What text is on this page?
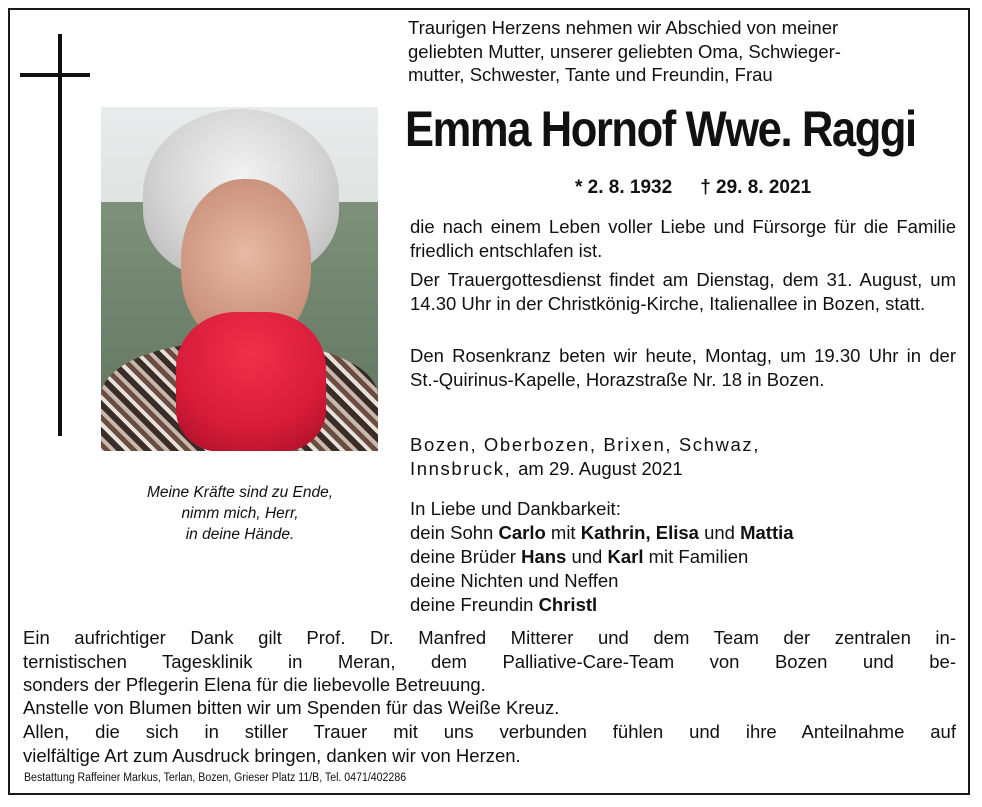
Meine Kräfte sind zu Ende,
nimm mich, Herr,
in deine Hände.

Traurigen Herzens nehmen wir Abschied von meiner
geliebten Mutter, unserer geliebten Oma, Schwieger-
mutter, Schwester, Tante und Freundin, Frau

Emma Hornof Wwe. Raggi

* 2. 8. 1932 † 29. 8. 2021

die nach einem Leben voller Liebe und Fürsorge für die Familie friedlich entschlafen ist.

Der Trauergottesdienst findet am Dienstag, dem 31. August, um 14.30 Uhr in der Christkönig-Kirche, Italienallee in Bozen, statt.

Den Rosenkranz beten wir heute, Montag, um 19.30 Uhr in der St.-Quirinus-Kapelle, Horazstraße Nr. 18 in Bozen.

Bozen, Oberbozen, Brixen, Schwaz,
Innsbruck, am 29. August 2021

In Liebe und Dankbarkeit:
dein Sohn Carlo mit Kathrin, Elisa und Mattia
deine Brüder Hans und Karl mit Familien
deine Nichten und Neffen
deine Freundin Christl

Ein aufrichtiger Dank gilt Prof. Dr. Manfred Mitterer und dem Team der zentralen in-
ternistischen Tagesklinik in Meran, dem Palliative-Care-Team von Bozen und be-
sonders der Pflegerin Elena für die liebevolle Betreuung.

Anstelle von Blumen bitten wir um Spenden für das Weiße Kreuz.

Allen, die sich in stiller Trauer mit uns verbunden fühlen und ihre Anteilnahme auf
vielfältige Art zum Ausdruck bringen, danken wir von Herzen.

Bestattung Raffeiner Markus, Terlan, Bozen, Grieser Platz 11/B, Tel. 0471/402286
